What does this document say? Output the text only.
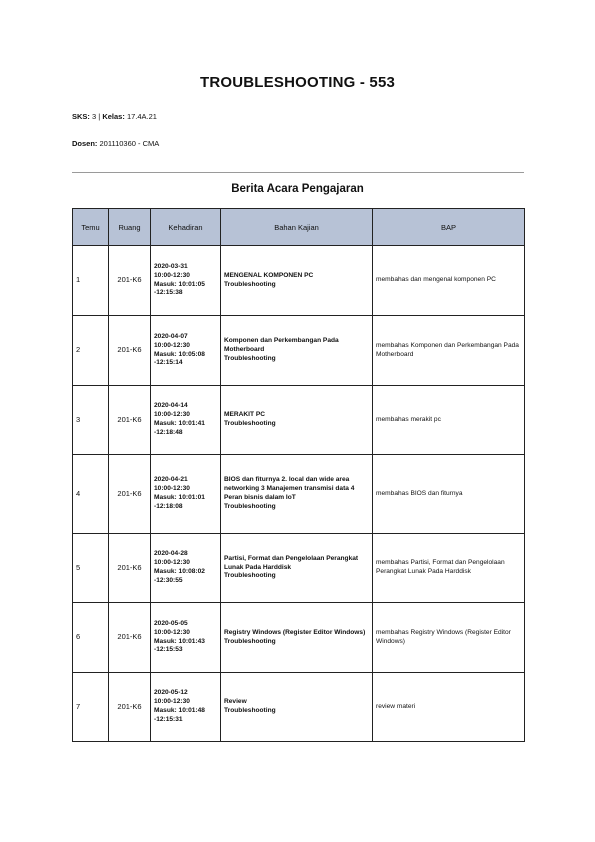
TROUBLESHOOTING - 553
SKS: 3 | Kelas: 17.4A.21
Dosen: 201110360 - CMA
Berita Acara Pengajaran
Temu	Ruang	Kehadiran	Bahan Kajian	BAP
1	201-K6	2020-03-31
10:00-12:30
Masuk: 10:01:05
-12:15:38	MENGENAL KOMPONEN PC
Troubleshooting	membahas dan mengenal komponen PC
2	201-K6	2020-04-07
10:00-12:30
Masuk: 10:05:08
-12:15:14	Komponen dan Perkembangan Pada Motherboard
Troubleshooting	membahas Komponen dan Perkembangan Pada Motherboard
3	201-K6	2020-04-14
10:00-12:30
Masuk: 10:01:41
-12:18:48	MERAKIT PC
Troubleshooting	membahas merakit pc
4	201-K6	2020-04-21
10:00-12:30
Masuk: 10:01:01
-12:18:08	BIOS dan fiturnya 2. local dan wide area networking 3 Manajemen transmisi data 4 Peran bisnis dalam IoT
Troubleshooting	membahas BIOS dan fiturnya
5	201-K6	2020-04-28
10:00-12:30
Masuk: 10:08:02
-12:30:55	Partisi, Format dan Pengelolaan Perangkat Lunak Pada Harddisk
Troubleshooting	membahas Partisi, Format dan Pengelolaan Perangkat Lunak Pada Harddisk
6	201-K6	2020-05-05
10:00-12:30
Masuk: 10:01:43
-12:15:53	Registry Windows (Register Editor Windows)
Troubleshooting	membahas Registry Windows (Register Editor Windows)
7	201-K6	2020-05-12
10:00-12:30
Masuk: 10:01:48
-12:15:31	Review
Troubleshooting	review materi
